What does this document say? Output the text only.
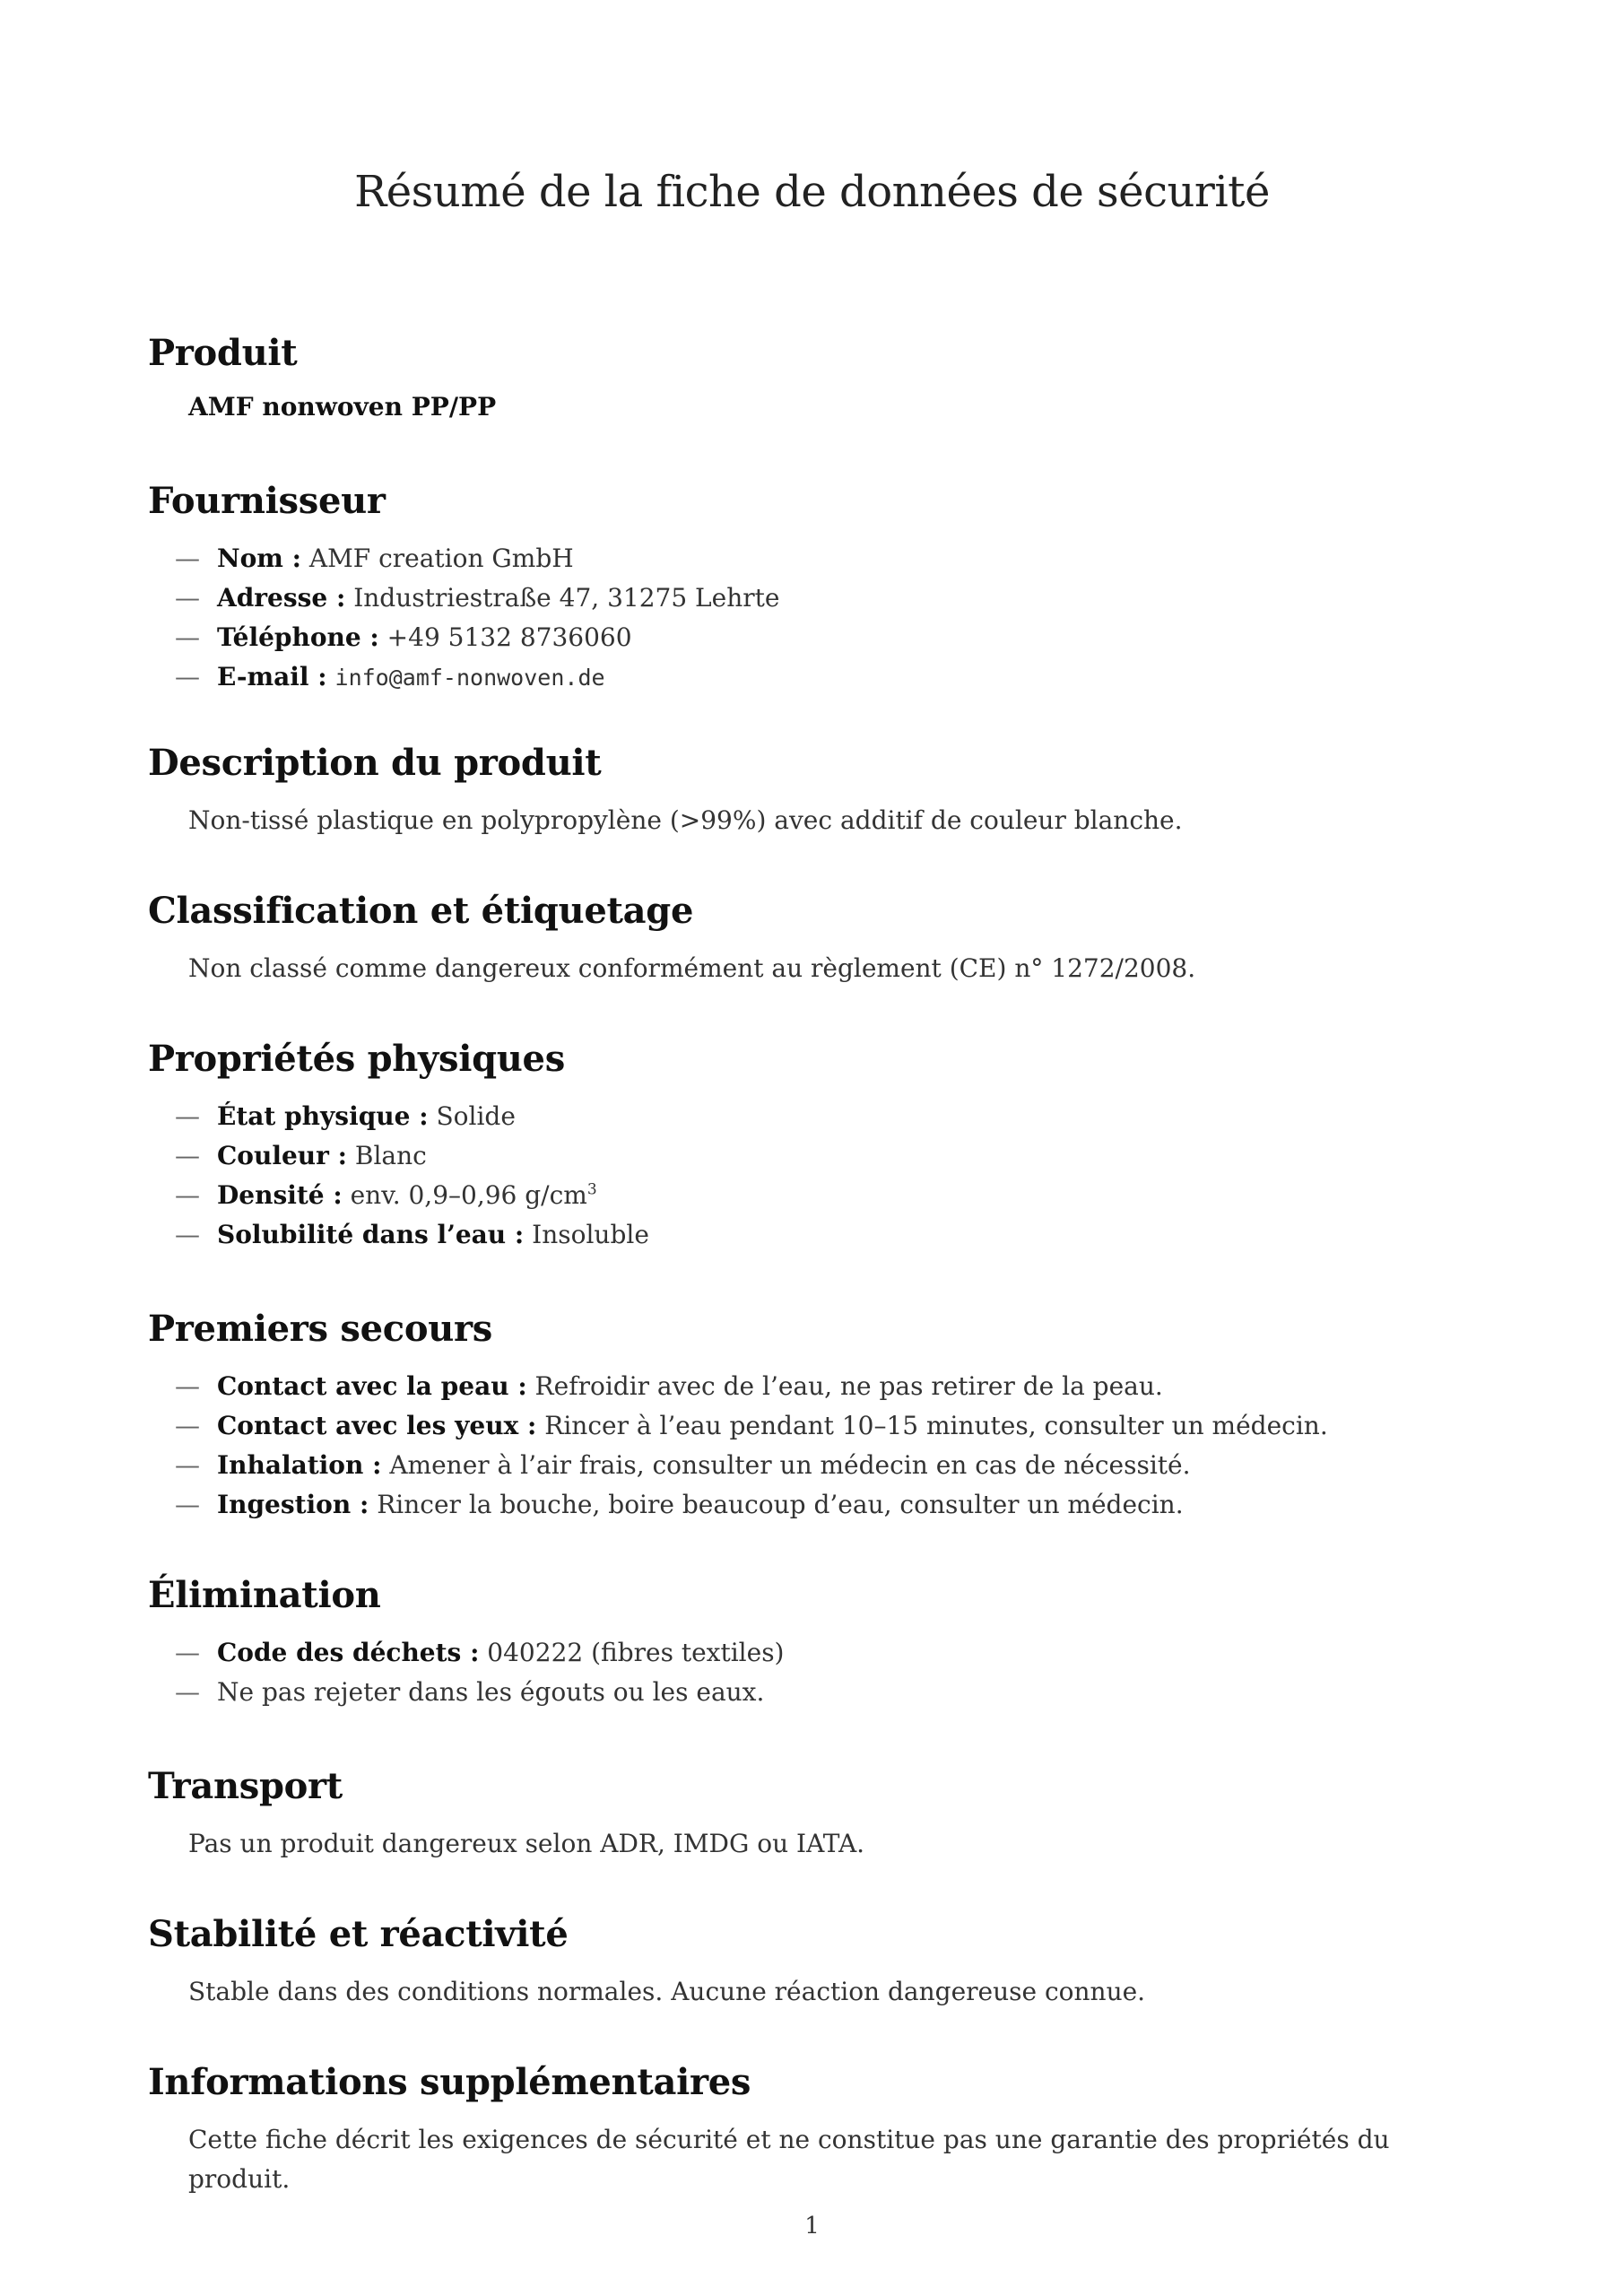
Résumé de la fiche de données de sécurité
Produit

AMF nonwoven PP/PP

Fournisseur
— Nom : AMF creation GmbH
— Adresse : Industriestraße 47, 31275 Lehrte
— Téléphone : +49 5132 8736060
— E-mail : info@amf-nonwoven.de
Description du produit

Non-tissé plastique en polypropylène (>99%) avec additif de couleur blanche.

Classification et étiquetage

Non classé comme dangereux conformément au règlement (CE) n° 1272/2008.

Propriétés physiques
— État physique : Solide
— Couleur : Blanc
— Densité : env. 0,9–0,96 $g/cm^3$
— Solubilité dans l’eau : Insoluble
Premiers secours
— Contact avec la peau : Refroidir avec de l’eau, ne pas retirer de la peau.
— Contact avec les yeux : Rincer à l’eau pendant 10–15 minutes, consulter un médecin.
— Inhalation : Amener à l’air frais, consulter un médecin en cas de nécessité.
— Ingestion : Rincer la bouche, boire beaucoup d’eau, consulter un médecin.
Élimination
— Code des déchets : 040222 (fibres textiles)
— Ne pas rejeter dans les égouts ou les eaux.
Transport

Pas un produit dangereux selon ADR, IMDG ou IATA.

Stabilité et réactivité

Stable dans des conditions normales. Aucune réaction dangereuse connue.

Informations supplémentaires

Cette fiche décrit les exigences de sécurité et ne constitue pas une garantie des propriétés du produit.

1
